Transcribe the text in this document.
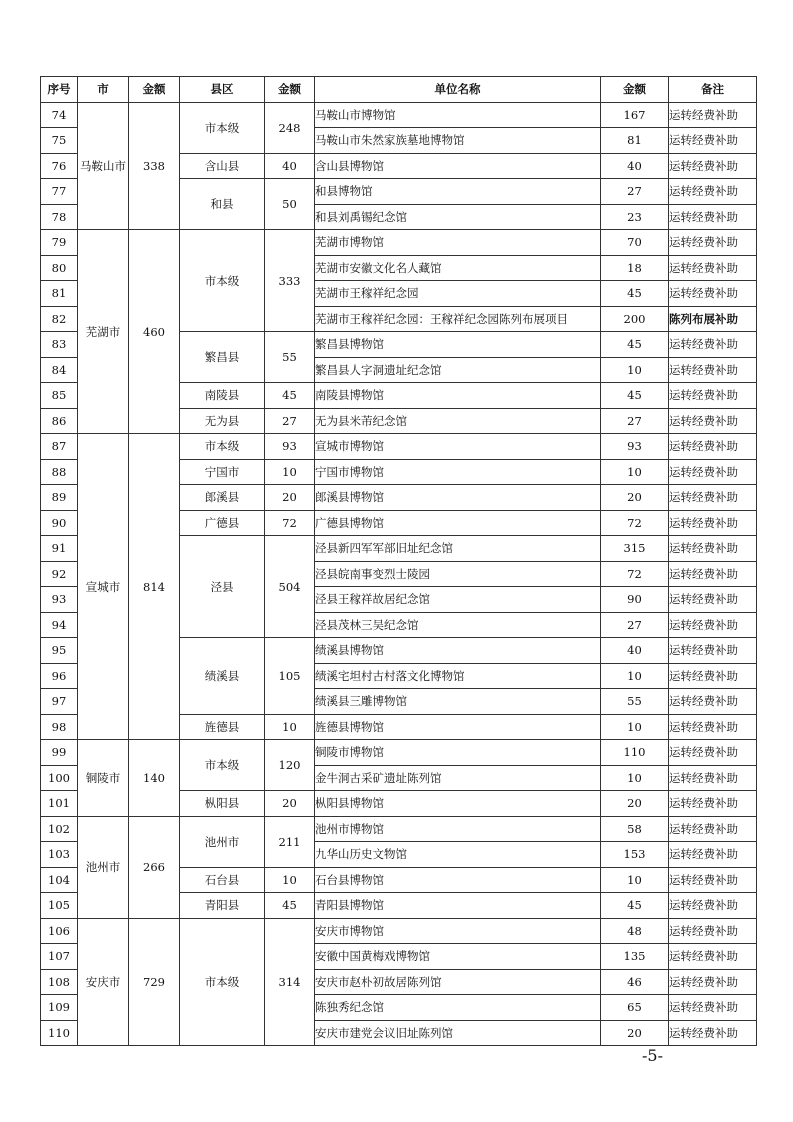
序号	市	金额	县区	金额	单位名称	金额	备注
74	马鞍山市	338	市本级	248	马鞍山市博物馆	167	运转经费补助
75					马鞍山市朱然家族墓地博物馆	81	运转经费补助
76			含山县	40	含山县博物馆	40	运转经费补助
77			和县	50	和县博物馆	27	运转经费补助
78					和县刘禹锡纪念馆	23	运转经费补助
79	芜湖市	460	市本级	333	芜湖市博物馆	70	运转经费补助
80					芜湖市安徽文化名人藏馆	18	运转经费补助
81					芜湖市王稼祥纪念园	45	运转经费补助
82					芜湖市王稼祥纪念园：王稼祥纪念园陈列布展项目	200	陈列布展补助
83			繁昌县	55	繁昌县博物馆	45	运转经费补助
84					繁昌县人字洞遗址纪念馆	10	运转经费补助
85			南陵县	45	南陵县博物馆	45	运转经费补助
86			无为县	27	无为县米芾纪念馆	27	运转经费补助
87	宣城市	814	市本级	93	宣城市博物馆	93	运转经费补助
88			宁国市	10	宁国市博物馆	10	运转经费补助
89			郎溪县	20	郎溪县博物馆	20	运转经费补助
90			广德县	72	广德县博物馆	72	运转经费补助
91			泾县	504	泾县新四军军部旧址纪念馆	315	运转经费补助
92					泾县皖南事变烈士陵园	72	运转经费补助
93					泾县王稼祥故居纪念馆	90	运转经费补助
94					泾县茂林三吴纪念馆	27	运转经费补助
95			绩溪县	105	绩溪县博物馆	40	运转经费补助
96					绩溪宅坦村古村落文化博物馆	10	运转经费补助
97					绩溪县三雕博物馆	55	运转经费补助
98			旌德县	10	旌德县博物馆	10	运转经费补助
99	铜陵市	140	市本级	120	铜陵市博物馆	110	运转经费补助
100					金牛洞古采矿遗址陈列馆	10	运转经费补助
101			枞阳县	20	枞阳县博物馆	20	运转经费补助
102	池州市	266	池州市	211	池州市博物馆	58	运转经费补助
103					九华山历史文物馆	153	运转经费补助
104			石台县	10	石台县博物馆	10	运转经费补助
105			青阳县	45	青阳县博物馆	45	运转经费补助
106	安庆市	729	市本级	314	安庆市博物馆	48	运转经费补助
107					安徽中国黄梅戏博物馆	135	运转经费补助
108					安庆市赵朴初故居陈列馆	46	运转经费补助
109					陈独秀纪念馆	65	运转经费补助
110					安庆市建党会议旧址陈列馆	20	运转经费补助
-5-
